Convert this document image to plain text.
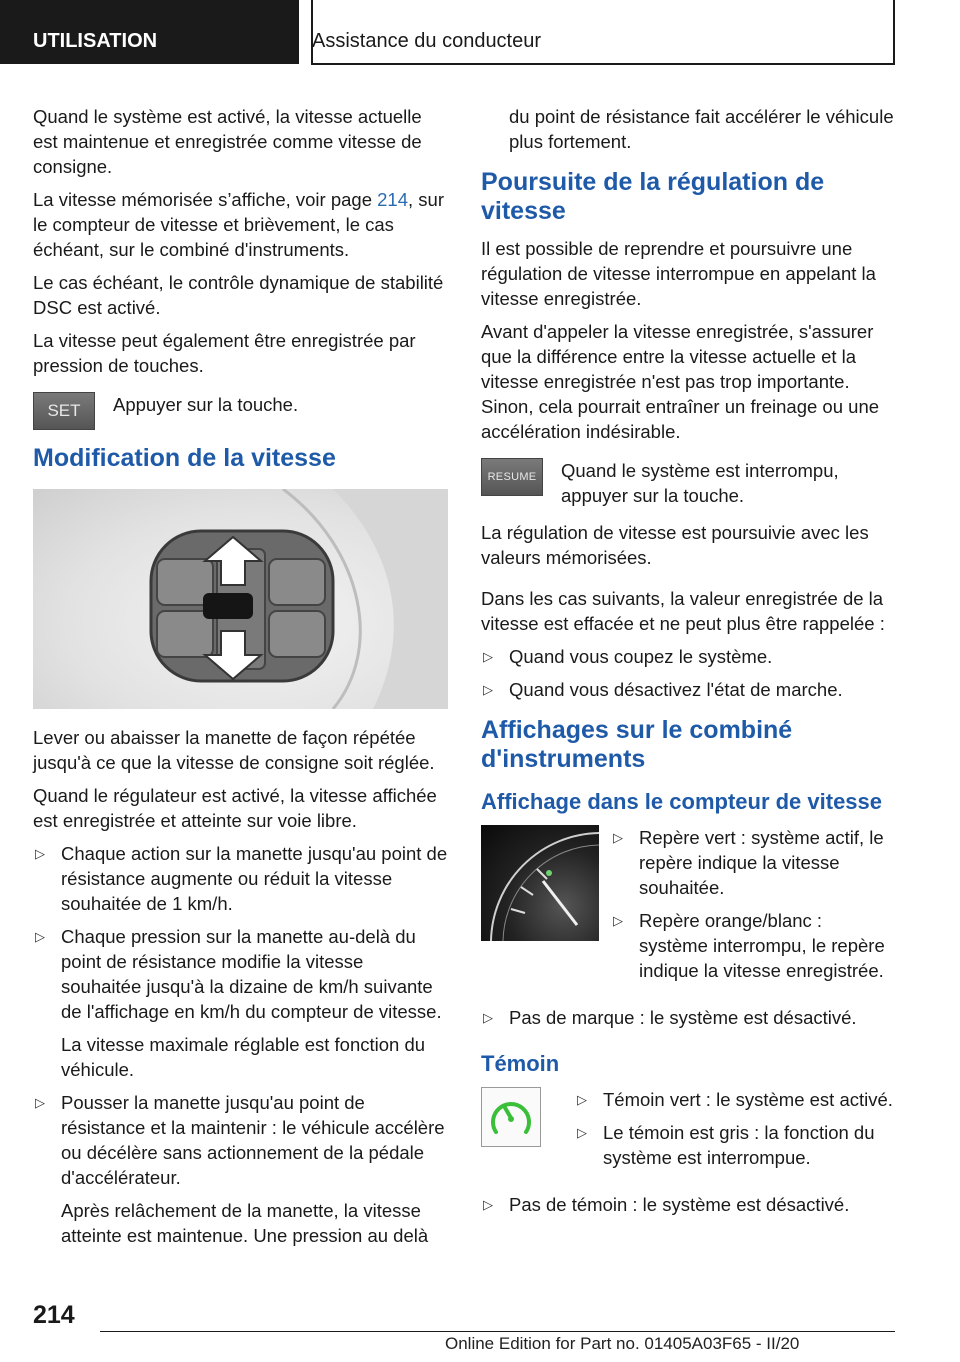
UTILISATION	Assistance du conducteur

Quand le système est activé, la vitesse actuelle est maintenue et enregistrée comme vitesse de consigne.

La vitesse mémorisée s’affiche, voir page 214, sur le compteur de vitesse et brièvement, le cas échéant, sur le combiné d'instruments.

Le cas échéant, le contrôle dynamique de stabilité DSC est activé.

La vitesse peut également être enregistrée par pression de touches.

SET	Appuyer sur la touche.

Modification de la vitesse

Lever ou abaisser la manette de façon répétée jusqu'à ce que la vitesse de consigne soit réglée.

Quand le régulateur est activé, la vitesse affichée est enregistrée et atteinte sur voie libre.

▷ Chaque action sur la manette jusqu'au point de résistance augmente ou réduit la vitesse souhaitée de 1 km/h.
▷ Chaque pression sur la manette au-delà du point de résistance modifie la vitesse souhaitée jusqu'à la dizaine de km/h suivante de l'affichage en km/h du compteur de vitesse.
La vitesse maximale réglable est fonction du véhicule.
▷ Pousser la manette jusqu'au point de résistance et la maintenir : le véhicule accélère ou décélère sans actionnement de la pédale d'accélérateur.
Après relâchement de la manette, la vitesse atteinte est maintenue. Une pression au delà

du point de résistance fait accélérer le véhicule plus fortement.

Poursuite de la régulation de vitesse

Il est possible de reprendre et poursuivre une régulation de vitesse interrompue en appelant la vitesse enregistrée.

Avant d'appeler la vitesse enregistrée, s'assurer que la différence entre la vitesse actuelle et la vitesse enregistrée n'est pas trop importante. Sinon, cela pourrait entraîner un freinage ou une accélération indésirable.

RESUME	Quand le système est interrompu, appuyer sur la touche.

La régulation de vitesse est poursuivie avec les valeurs mémorisées.

Dans les cas suivants, la valeur enregistrée de la vitesse est effacée et ne peut plus être rappelée :

▷ Quand vous coupez le système.
▷ Quand vous désactivez l'état de marche.
Affichages sur le combiné d'instruments
Affichage dans le compteur de vitesse
▷ Repère vert : système actif, le repère indique la vitesse souhaitée.
▷ Repère orange/blanc : système interrompu, le repère indique la vitesse enregistrée.
▷ Pas de marque : le système est désactivé.
Témoin
▷ Témoin vert : le système est activé.
▷ Le témoin est gris : la fonction du système est interrompue.
▷ Pas de témoin : le système est désactivé.
214
Online Edition for Part no. 01405A03F65 - II/20
